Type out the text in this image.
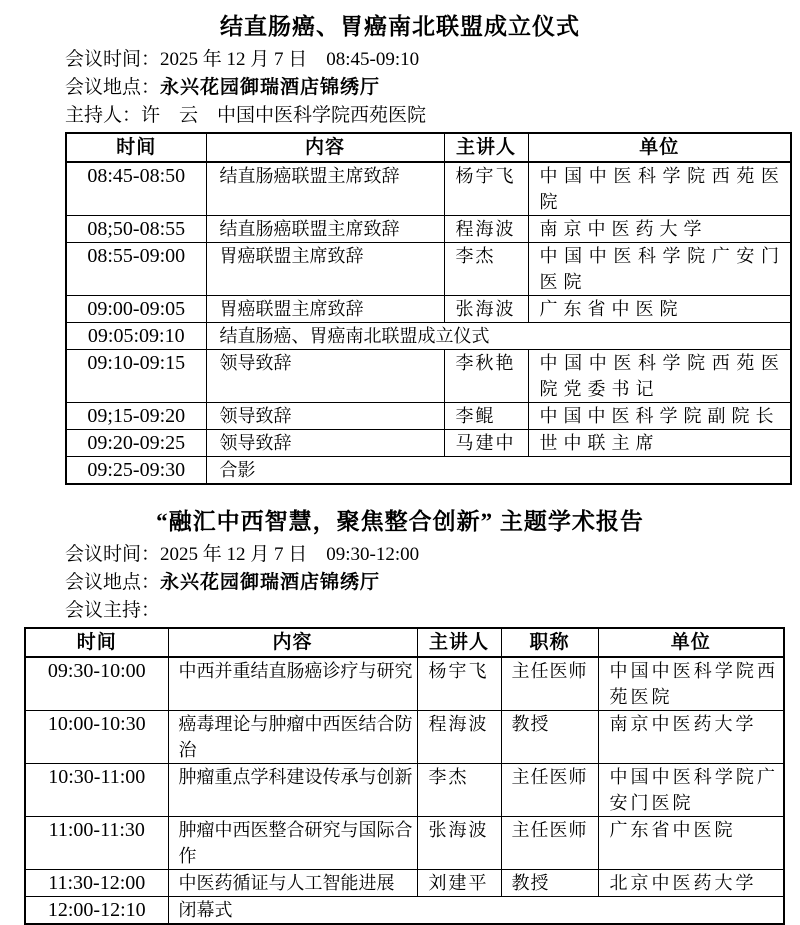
结直肠癌、胃癌南北联盟成立仪式
会议时间：2025 年 12 月 7 日　08:45-09:10
会议地点：永兴花园御瑞酒店锦绣厅
主持人：许　云　中国中医科学院西苑医院
时间	内容	主讲人	单位
08:45-08:50	结直肠癌联盟主席致辞	杨宇飞	中国中医科学院西苑医院
08;50-08:55	结直肠癌联盟主席致辞	程海波	南京中医药大学
08:55-09:00	胃癌联盟主席致辞	李杰	中国中医科学院广安门医院
09:00-09:05	胃癌联盟主席致辞	张海波	广东省中医院
09:05:09:10	结直肠癌、胃癌南北联盟成立仪式		
09:10-09:15	领导致辞	李秋艳	中国中医科学院西苑医院党委书记
09;15-09:20	领导致辞	李鲲	中国中医科学院副院长
09:20-09:25	领导致辞	马建中	世中联主席
09:25-09:30	合影		
“融汇中西智慧，聚焦整合创新” 主题学术报告
会议时间：2025 年 12 月 7 日　09:30-12:00
会议地点：永兴花园御瑞酒店锦绣厅
会议主持：
时间	内容	主讲人	职称	单位
09:30-10:00	中西并重结直肠癌诊疗与研究	杨宇飞	主任医师	中国中医科学院西苑医院
10:00-10:30	癌毒理论与肿瘤中西医结合防治	程海波	教授	南京中医药大学
10:30-11:00	肿瘤重点学科建设传承与创新	李杰	主任医师	中国中医科学院广安门医院
11:00-11:30	肿瘤中西医整合研究与国际合作	张海波	主任医师	广东省中医院
11:30-12:00	中医药循证与人工智能进展	刘建平	教授	北京中医药大学
12:00-12:10	闭幕式			
